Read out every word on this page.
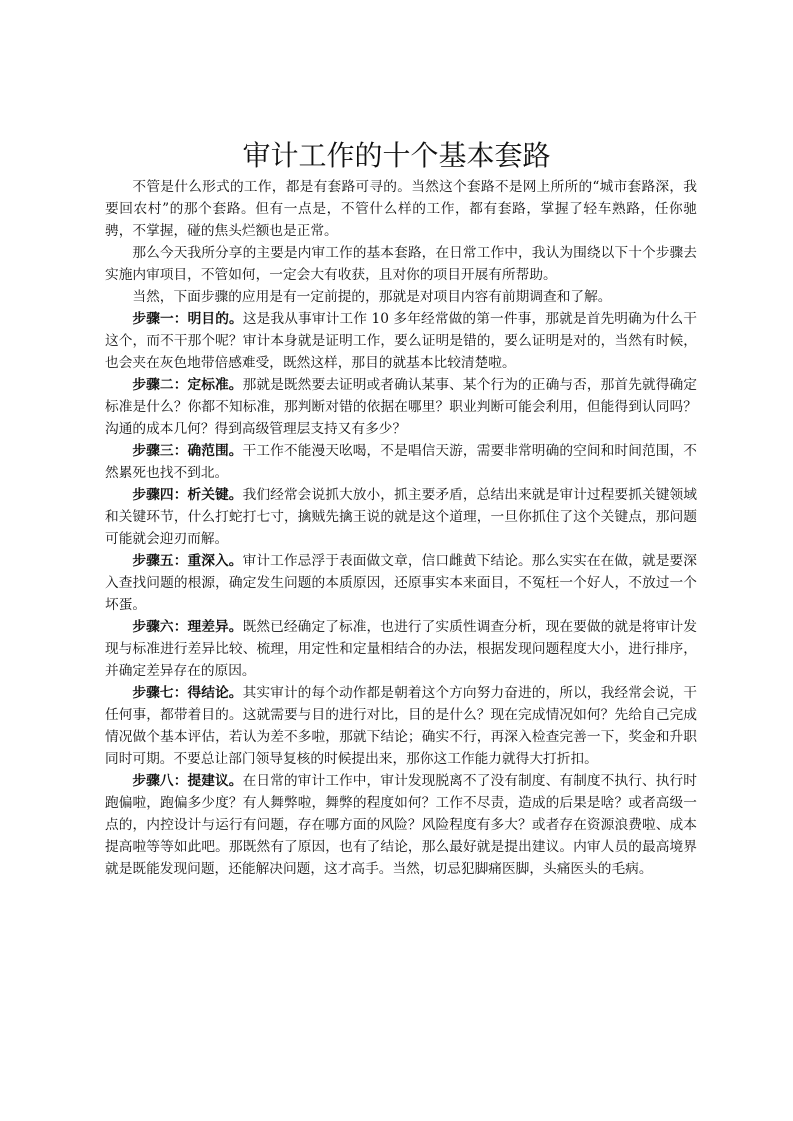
审计工作的十个基本套路

不管是什么形式的工作，都是有套路可寻的。当然这个套路不是网上所所的“城市套路深，我要回农村”的那个套路。但有一点是，不管什么样的工作，都有套路，掌握了轻车熟路，任你驰骋，不掌握，碰的焦头烂额也是正常。

那么今天我所分享的主要是内审工作的基本套路，在日常工作中，我认为围绕以下十个步骤去实施内审项目，不管如何，一定会大有收获，且对你的项目开展有所帮助。

当然，下面步骤的应用是有一定前提的，那就是对项目内容有前期调查和了解。

步骤一：明目的。这是我从事审计工作 10 多年经常做的第一件事，那就是首先明确为什么干这个，而不干那个呢？审计本身就是证明工作，要么证明是错的，要么证明是对的，当然有时候，也会夹在灰色地带倍感难受，既然这样，那目的就基本比较清楚啦。

步骤二：定标准。那就是既然要去证明或者确认某事、某个行为的正确与否，那首先就得确定标准是什么？你都不知标准，那判断对错的依据在哪里？职业判断可能会利用，但能得到认同吗？沟通的成本几何？得到高级管理层支持又有多少？

步骤三：确范围。干工作不能漫天吆喝，不是唱信天游，需要非常明确的空间和时间范围，不然累死也找不到北。

步骤四：析关键。我们经常会说抓大放小，抓主要矛盾，总结出来就是审计过程要抓关键领域和关键环节，什么打蛇打七寸，擒贼先擒王说的就是这个道理，一旦你抓住了这个关键点，那问题可能就会迎刃而解。

步骤五：重深入。审计工作忌浮于表面做文章，信口雌黄下结论。那么实实在在做，就是要深入查找问题的根源，确定发生问题的本质原因，还原事实本来面目，不冤枉一个好人，不放过一个坏蛋。

步骤六：理差异。既然已经确定了标准，也进行了实质性调查分析，现在要做的就是将审计发现与标准进行差异比较、梳理，用定性和定量相结合的办法，根据发现问题程度大小，进行排序，并确定差异存在的原因。

步骤七：得结论。其实审计的每个动作都是朝着这个方向努力奋进的，所以，我经常会说，干任何事，都带着目的。这就需要与目的进行对比，目的是什么？现在完成情况如何？先给自己完成情况做个基本评估，若认为差不多啦，那就下结论；确实不行，再深入检查完善一下，奖金和升职同时可期。不要总让部门领导复核的时候提出来，那你这工作能力就得大打折扣。

步骤八：提建议。在日常的审计工作中，审计发现脱离不了没有制度、有制度不执行、执行时跑偏啦，跑偏多少度？有人舞弊啦，舞弊的程度如何？工作不尽责，造成的后果是啥？或者高级一点的，内控设计与运行有问题，存在哪方面的风险？风险程度有多大？或者存在资源浪费啦、成本提高啦等等如此吧。那既然有了原因，也有了结论，那么最好就是提出建议。内审人员的最高境界就是既能发现问题，还能解决问题，这才高手。当然，切忌犯脚痛医脚，头痛医头的毛病。
